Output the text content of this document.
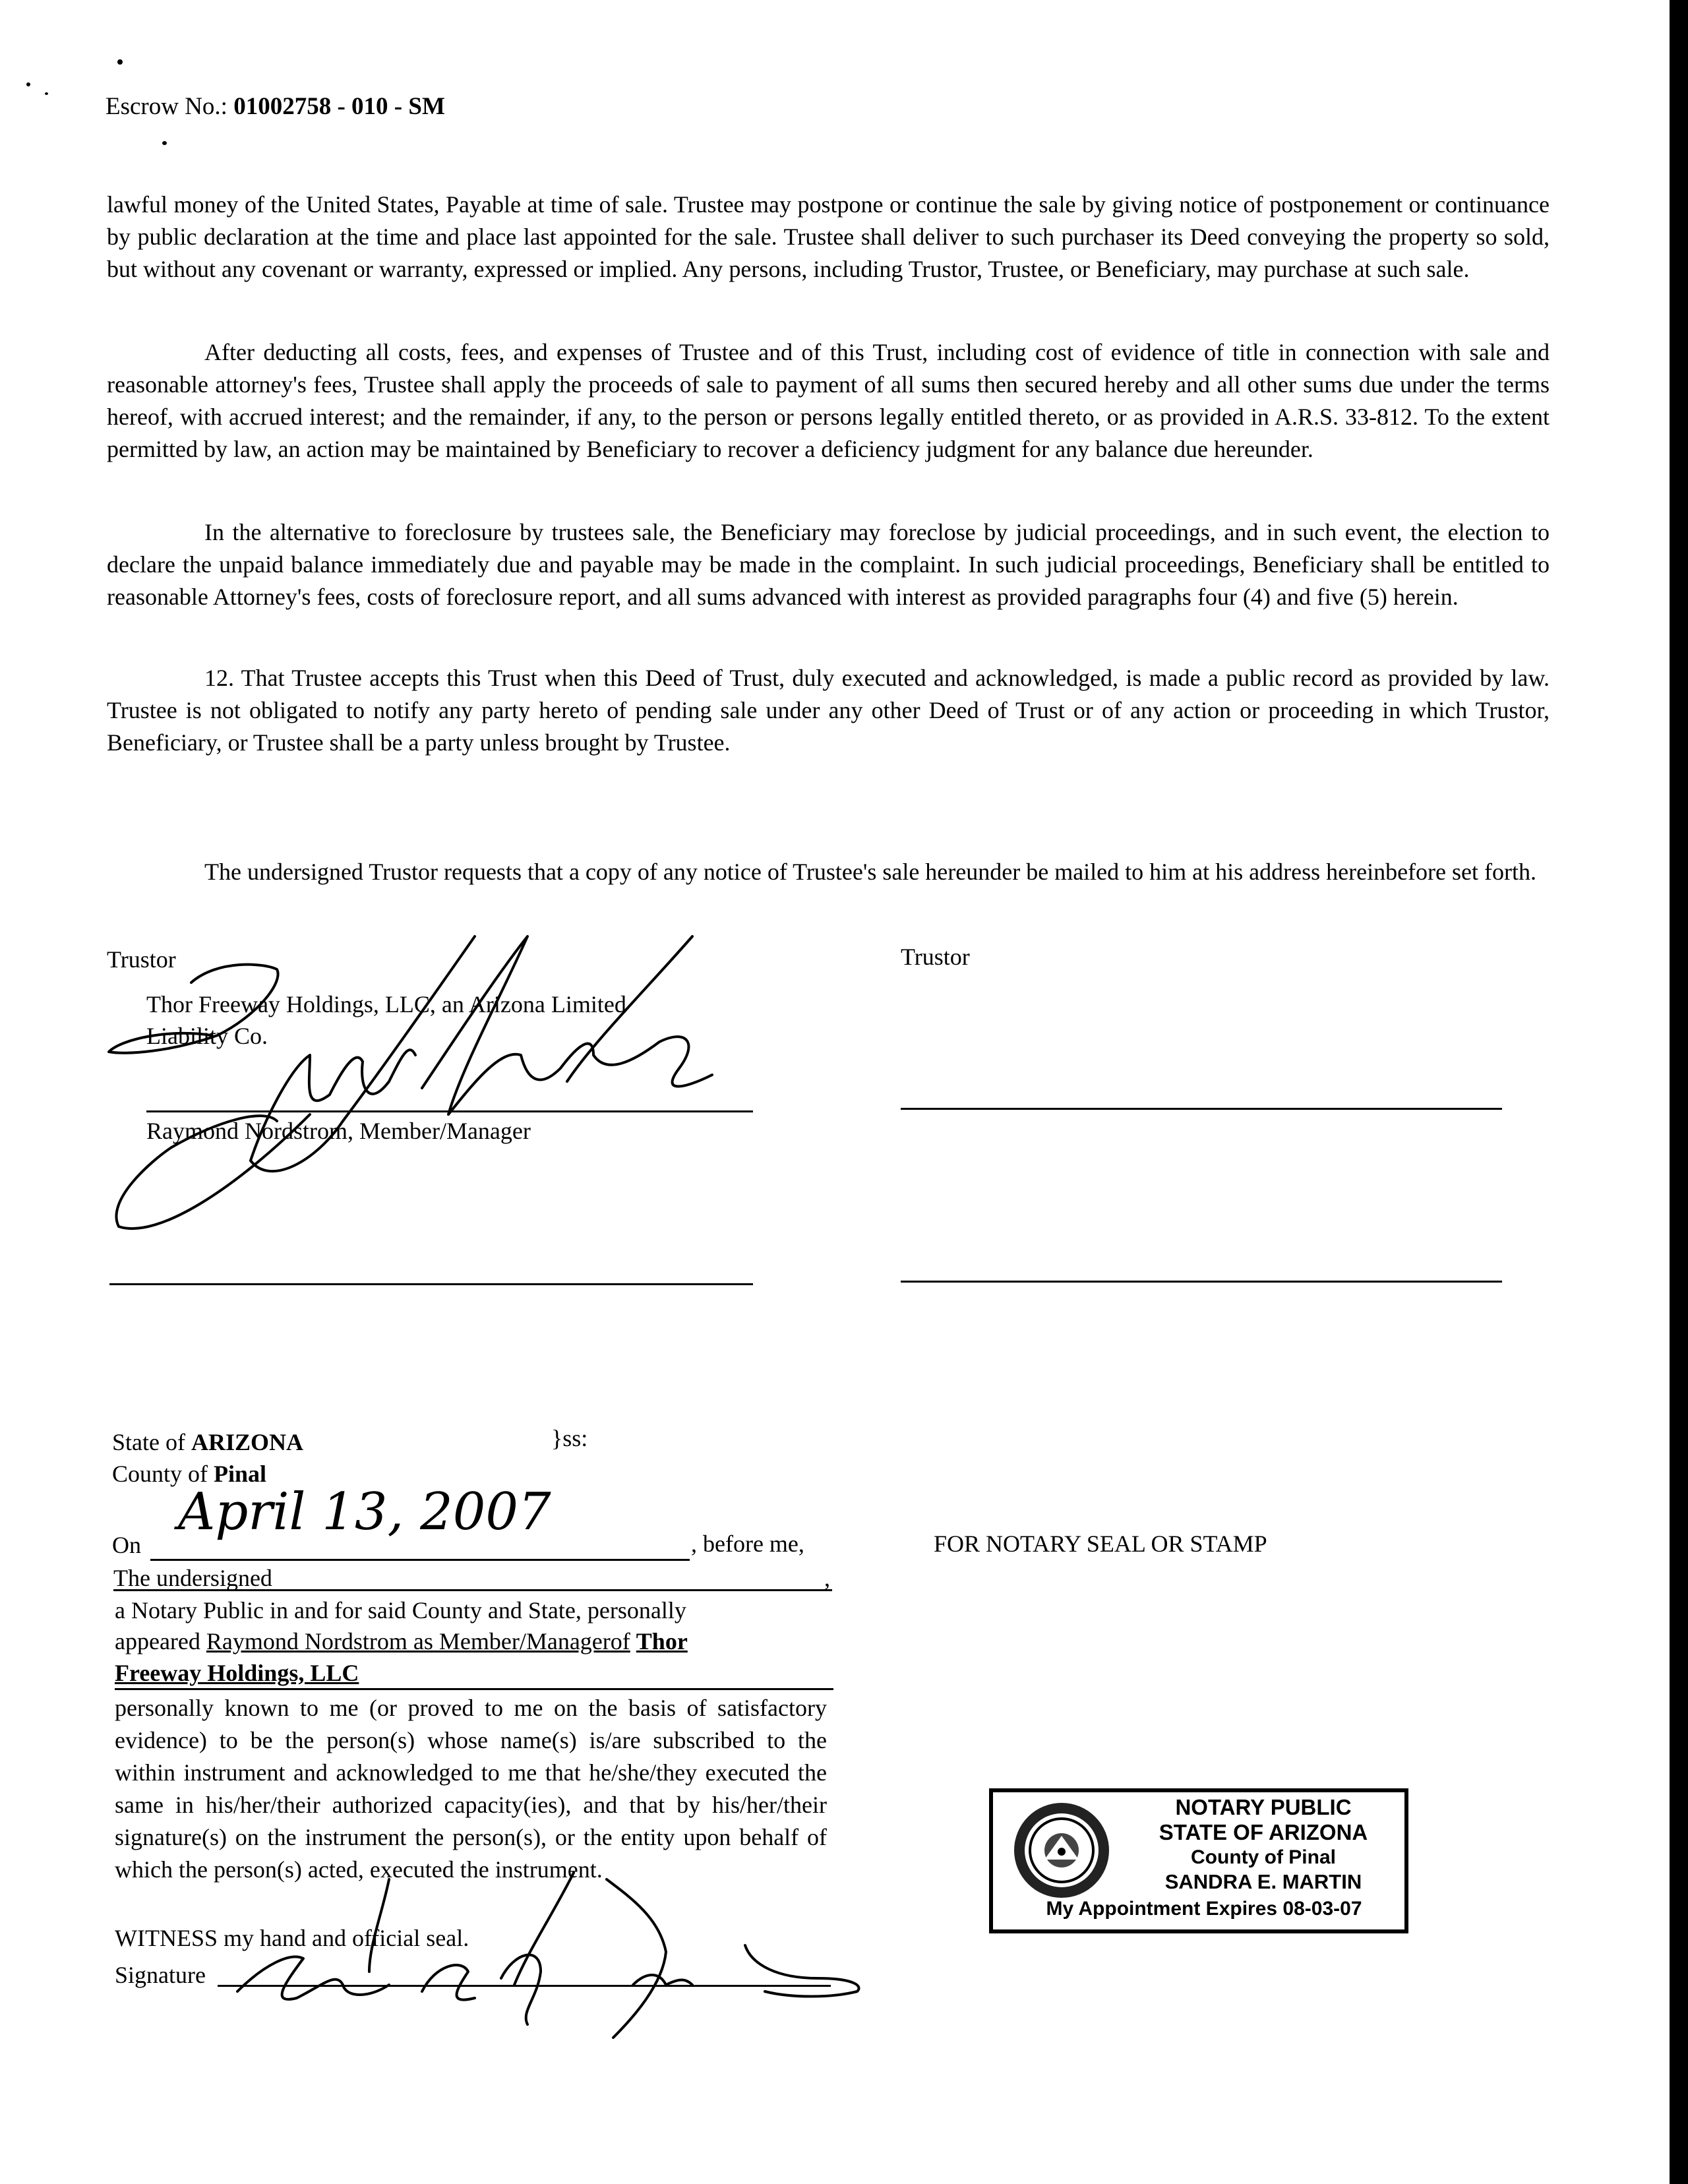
Escrow No.: 01002758 - 010 - SM

lawful money of the United States, Payable at time of sale. Trustee may postpone or continue the sale by giving notice of postponement or continuance by public declaration at the time and place last appointed for the sale. Trustee shall deliver to such purchaser its Deed conveying the property so sold, but without any covenant or warranty, expressed or implied. Any persons, including Trustor, Trustee, or Beneficiary, may purchase at such sale.

After deducting all costs, fees, and expenses of Trustee and of this Trust, including cost of evidence of title in connection with sale and reasonable attorney's fees, Trustee shall apply the proceeds of sale to payment of all sums then secured hereby and all other sums due under the terms hereof, with accrued interest; and the remainder, if any, to the person or persons legally entitled thereto, or as provided in A.R.S. 33-812. To the extent permitted by law, an action may be maintained by Beneficiary to recover a deficiency judgment for any balance due hereunder.

In the alternative to foreclosure by trustees sale, the Beneficiary may foreclose by judicial proceedings, and in such event, the election to declare the unpaid balance immediately due and payable may be made in the complaint. In such judicial proceedings, Beneficiary shall be entitled to reasonable Attorney's fees, costs of foreclosure report, and all sums advanced with interest as provided paragraphs four (4) and five (5) herein.

12. That Trustee accepts this Trust when this Deed of Trust, duly executed and acknowledged, is made a public record as provided by law. Trustee is not obligated to notify any party hereto of pending sale under any other Deed of Trust or of any action or proceeding in which Trustor, Beneficiary, or Trustee shall be a party unless brought by Trustee.

The undersigned Trustor requests that a copy of any notice of Trustee's sale hereunder be mailed to him at his address hereinbefore set forth.

Trustor	Trustor
Thor Freeway Holdings, LLC, an Arizona Limited
Liability Co.
Raymond Nordstrom, Member/Manager
State of ARIZONA	}ss:
County of Pinal
On
April 13, 2007
, before me,
The undersigned	,

a Notary Public in and for said County and State, personally

appeared Raymond Nordstrom as Member/Managerof Thor
Freeway Holdings, LLC

personally known to me (or proved to me on the basis of satisfactory evidence) to be the person(s) whose name(s) is/are subscribed to the within instrument and acknowledged to me that he/she/they executed the same in his/her/their authorized capacity(ies), and that by his/her/their signature(s) on the instrument the person(s), or the entity upon behalf of which the person(s) acted, executed the instrument.

WITNESS my hand and official seal.
Signature
FOR NOTARY SEAL OR STAMP
NOTARY PUBLIC
STATE OF ARIZONA
County of Pinal
SANDRA E. MARTIN
My Appointment Expires 08-03-07
